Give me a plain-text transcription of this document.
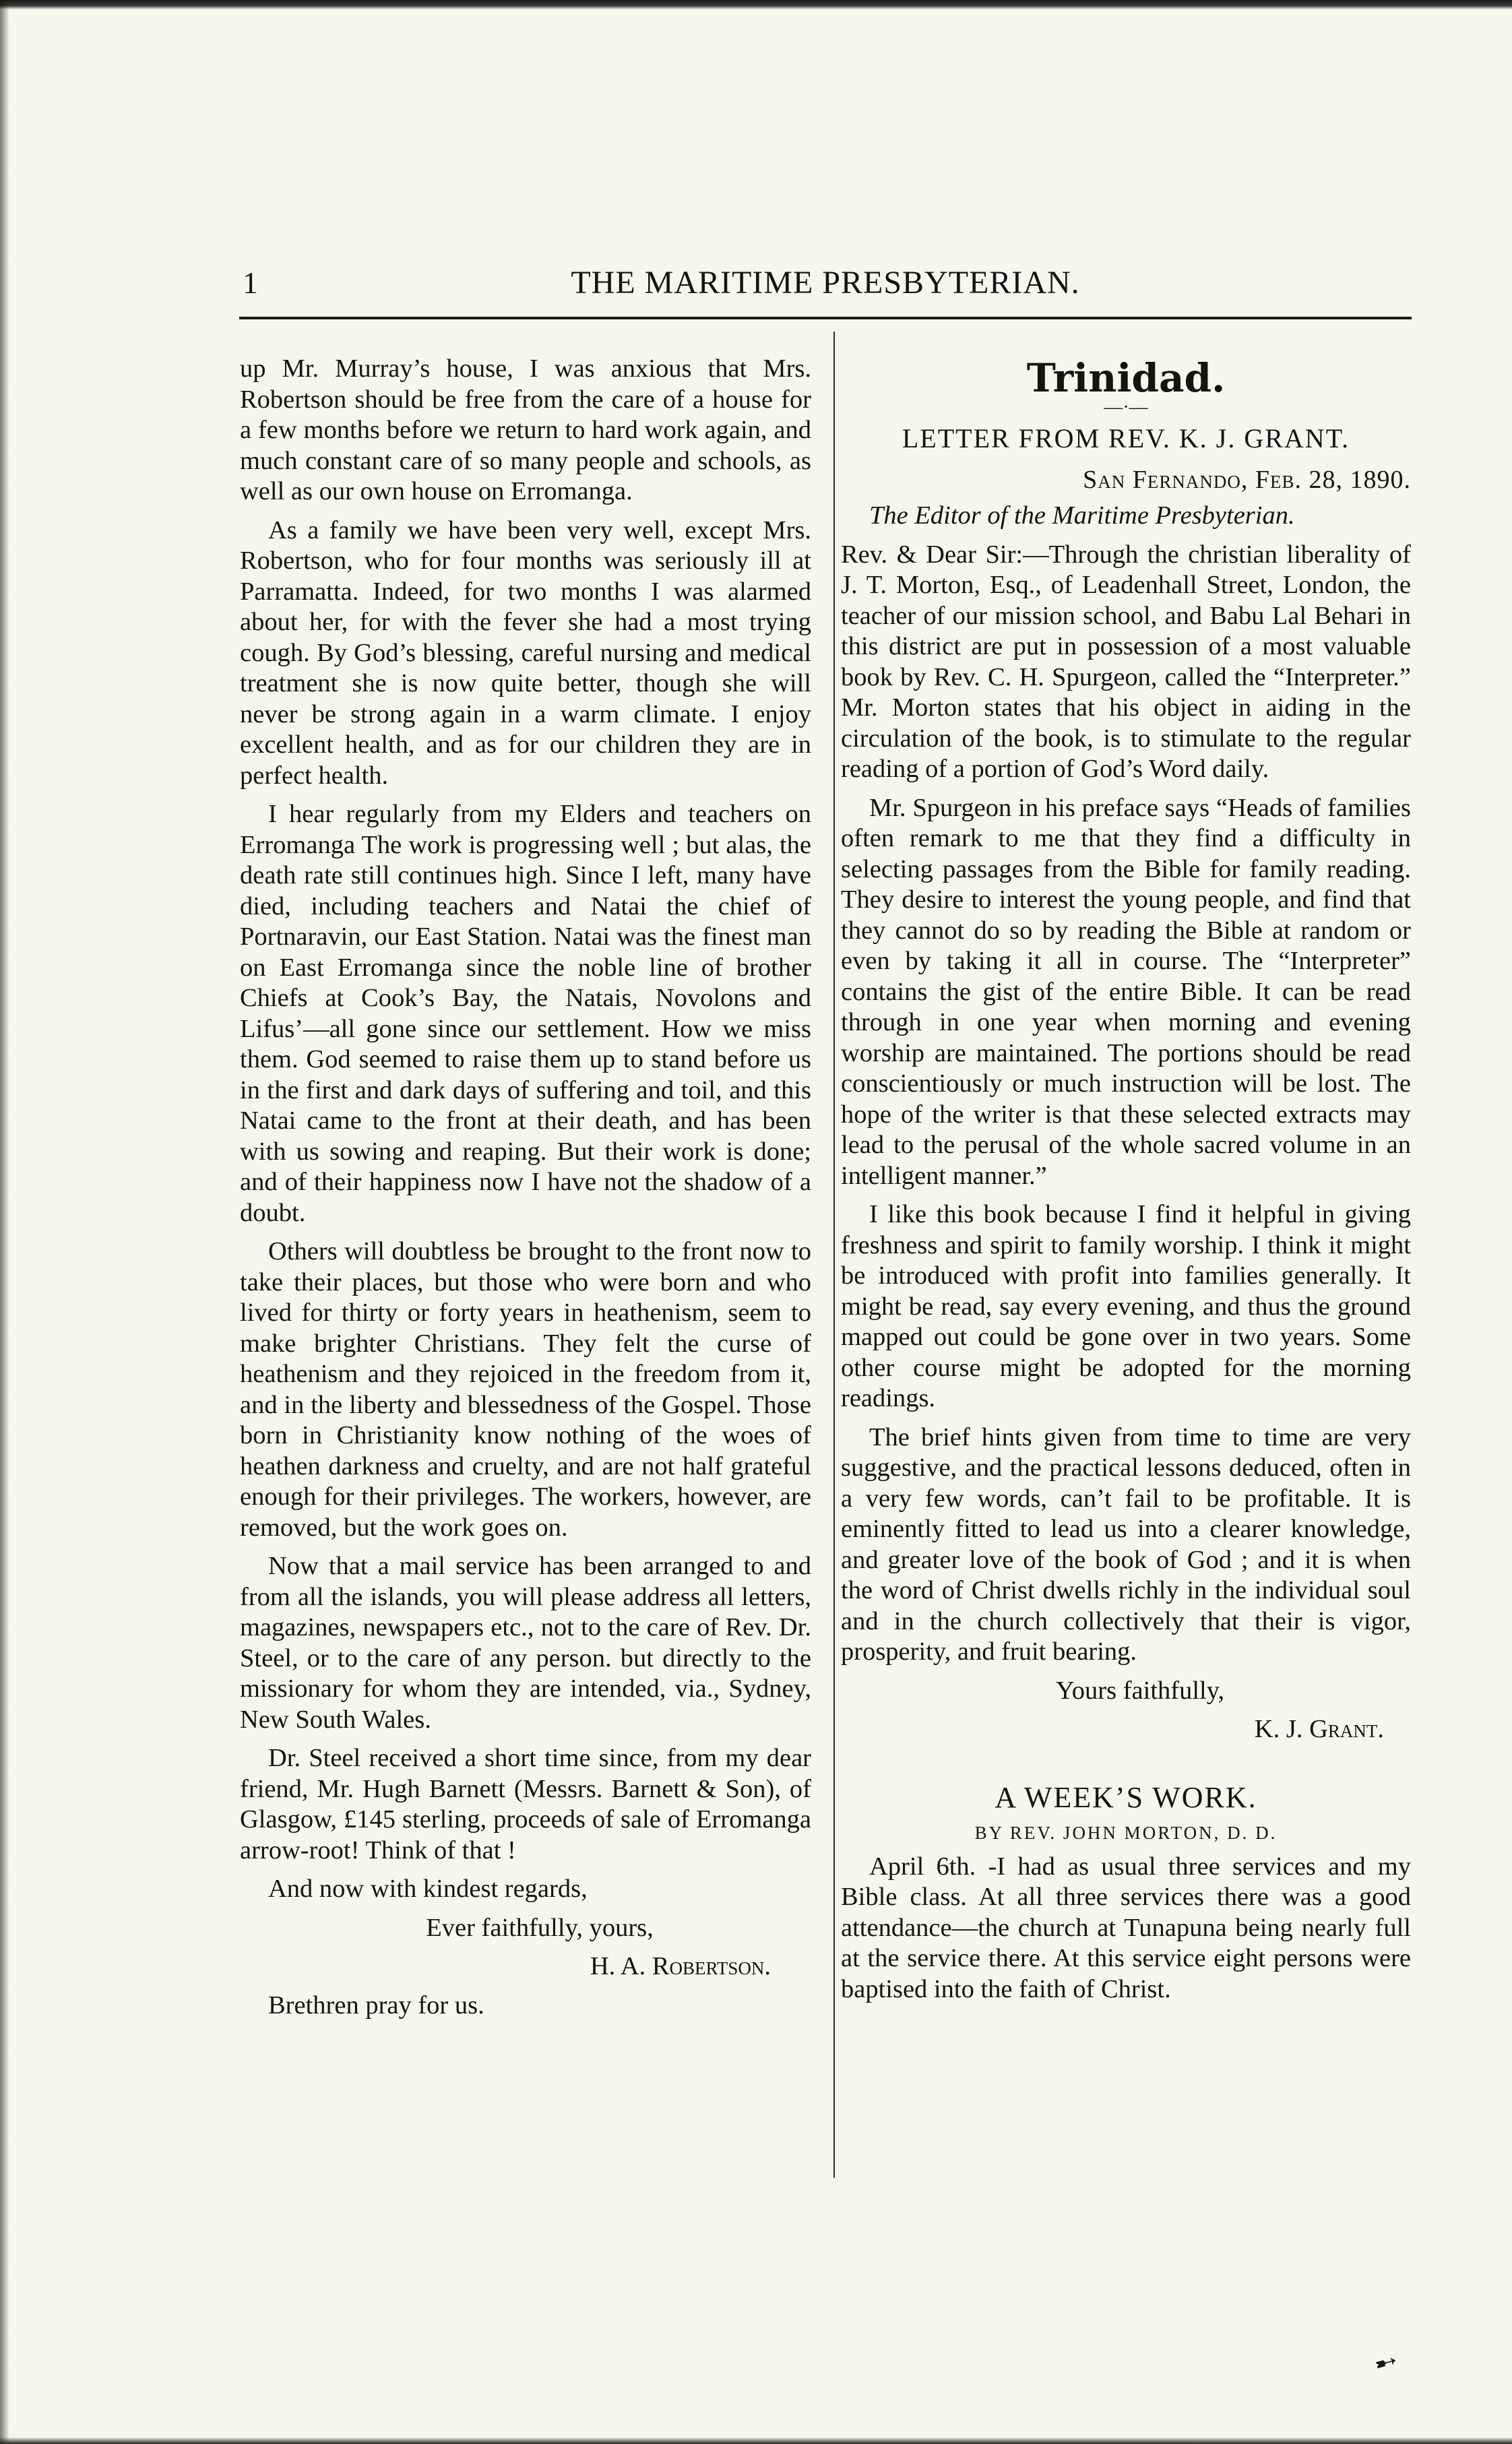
1	THE MARITIME PRESBYTERIAN.

up Mr. Murray’s house, I was anxious that Mrs. Robertson should be free from the care of a house for a few months before we return to hard work again, and much constant care of so many people and schools, as well as our own house on Erromanga.

As a family we have been very well, except Mrs. Robertson, who for four months was seriously ill at Parramatta. Indeed, for two months I was alarmed about her, for with the fever she had a most trying cough. By God’s blessing, careful nursing and medical treatment she is now quite better, though she will never be strong again in a warm climate. I enjoy excellent health, and as for our children they are in perfect health.

I hear regularly from my Elders and teachers on Erromanga The work is progressing well ; but alas, the death rate still continues high. Since I left, many have died, including teachers and Natai the chief of Portnaravin, our East Station. Natai was the finest man on East Erromanga since the noble line of brother Chiefs at Cook’s Bay, the Natais, Novolons and Lifus’—all gone since our settlement. How we miss them. God seemed to raise them up to stand before us in the first and dark days of suffering and toil, and this Natai came to the front at their death, and has been with us sowing and reaping. But their work is done; and of their happiness now I have not the shadow of a doubt.

Others will doubtless be brought to the front now to take their places, but those who were born and who lived for thirty or forty years in heathenism, seem to make brighter Christians. They felt the curse of heathenism and they rejoiced in the freedom from it, and in the liberty and blessedness of the Gospel. Those born in Christianity know nothing of the woes of heathen darkness and cruelty, and are not half grateful enough for their privileges. The workers, however, are removed, but the work goes on.

Now that a mail service has been arranged to and from all the islands, you will please address all letters, magazines, newspapers etc., not to the care of Rev. Dr. Steel, or to the care of any person. but directly to the missionary for whom they are intended, via., Sydney, New South Wales.

Dr. Steel received a short time since, from my dear friend, Mr. Hugh Barnett (Messrs. Barnett & Son), of Glasgow, £145 sterling, proceeds of sale of Erromanga arrow-root! Think of that !

And now with kindest regards,

Ever faithfully, yours,

H. A. Robertson.

Brethren pray for us.

Trinidad.
—·—
LETTER FROM REV. K. J. GRANT.
San Fernando, Feb. 28, 1890.

The Editor of the Maritime Presbyterian.

Rev. & Dear Sir:—Through the christian liberality of J. T. Morton, Esq., of Leadenhall Street, London, the teacher of our mission school, and Babu Lal Behari in this district are put in possession of a most valuable book by Rev. C. H. Spurgeon, called the “Interpreter.” Mr. Morton states that his object in aiding in the circulation of the book, is to stimulate to the regular reading of a portion of God’s Word daily.

Mr. Spurgeon in his preface says “Heads of families often remark to me that they find a difficulty in selecting passages from the Bible for family reading. They desire to interest the young people, and find that they cannot do so by reading the Bible at random or even by taking it all in course. The “Interpreter” contains the gist of the entire Bible. It can be read through in one year when morning and evening worship are maintained. The portions should be read conscientiously or much instruction will be lost. The hope of the writer is that these selected extracts may lead to the perusal of the whole sacred volume in an intelligent manner.”

I like this book because I find it helpful in giving freshness and spirit to family worship. I think it might be introduced with profit into families generally. It might be read, say every evening, and thus the ground mapped out could be gone over in two years. Some other course might be adopted for the morning readings.

The brief hints given from time to time are very suggestive, and the practical lessons deduced, often in a very few words, can’t fail to be profitable. It is eminently fitted to lead us into a clearer knowledge, and greater love of the book of God ; and it is when the word of Christ dwells richly in the individual soul and in the church collectively that their is vigor, prosperity, and fruit bearing.

Yours faithfully,

K. J. Grant.

A WEEK’S WORK.
BY REV. JOHN MORTON, D. D.

April 6th. -I had as usual three services and my Bible class. At all three services there was a good attendance—the church at Tunapuna being nearly full at the service there. At this service eight persons were baptised into the faith of Christ.

➸
